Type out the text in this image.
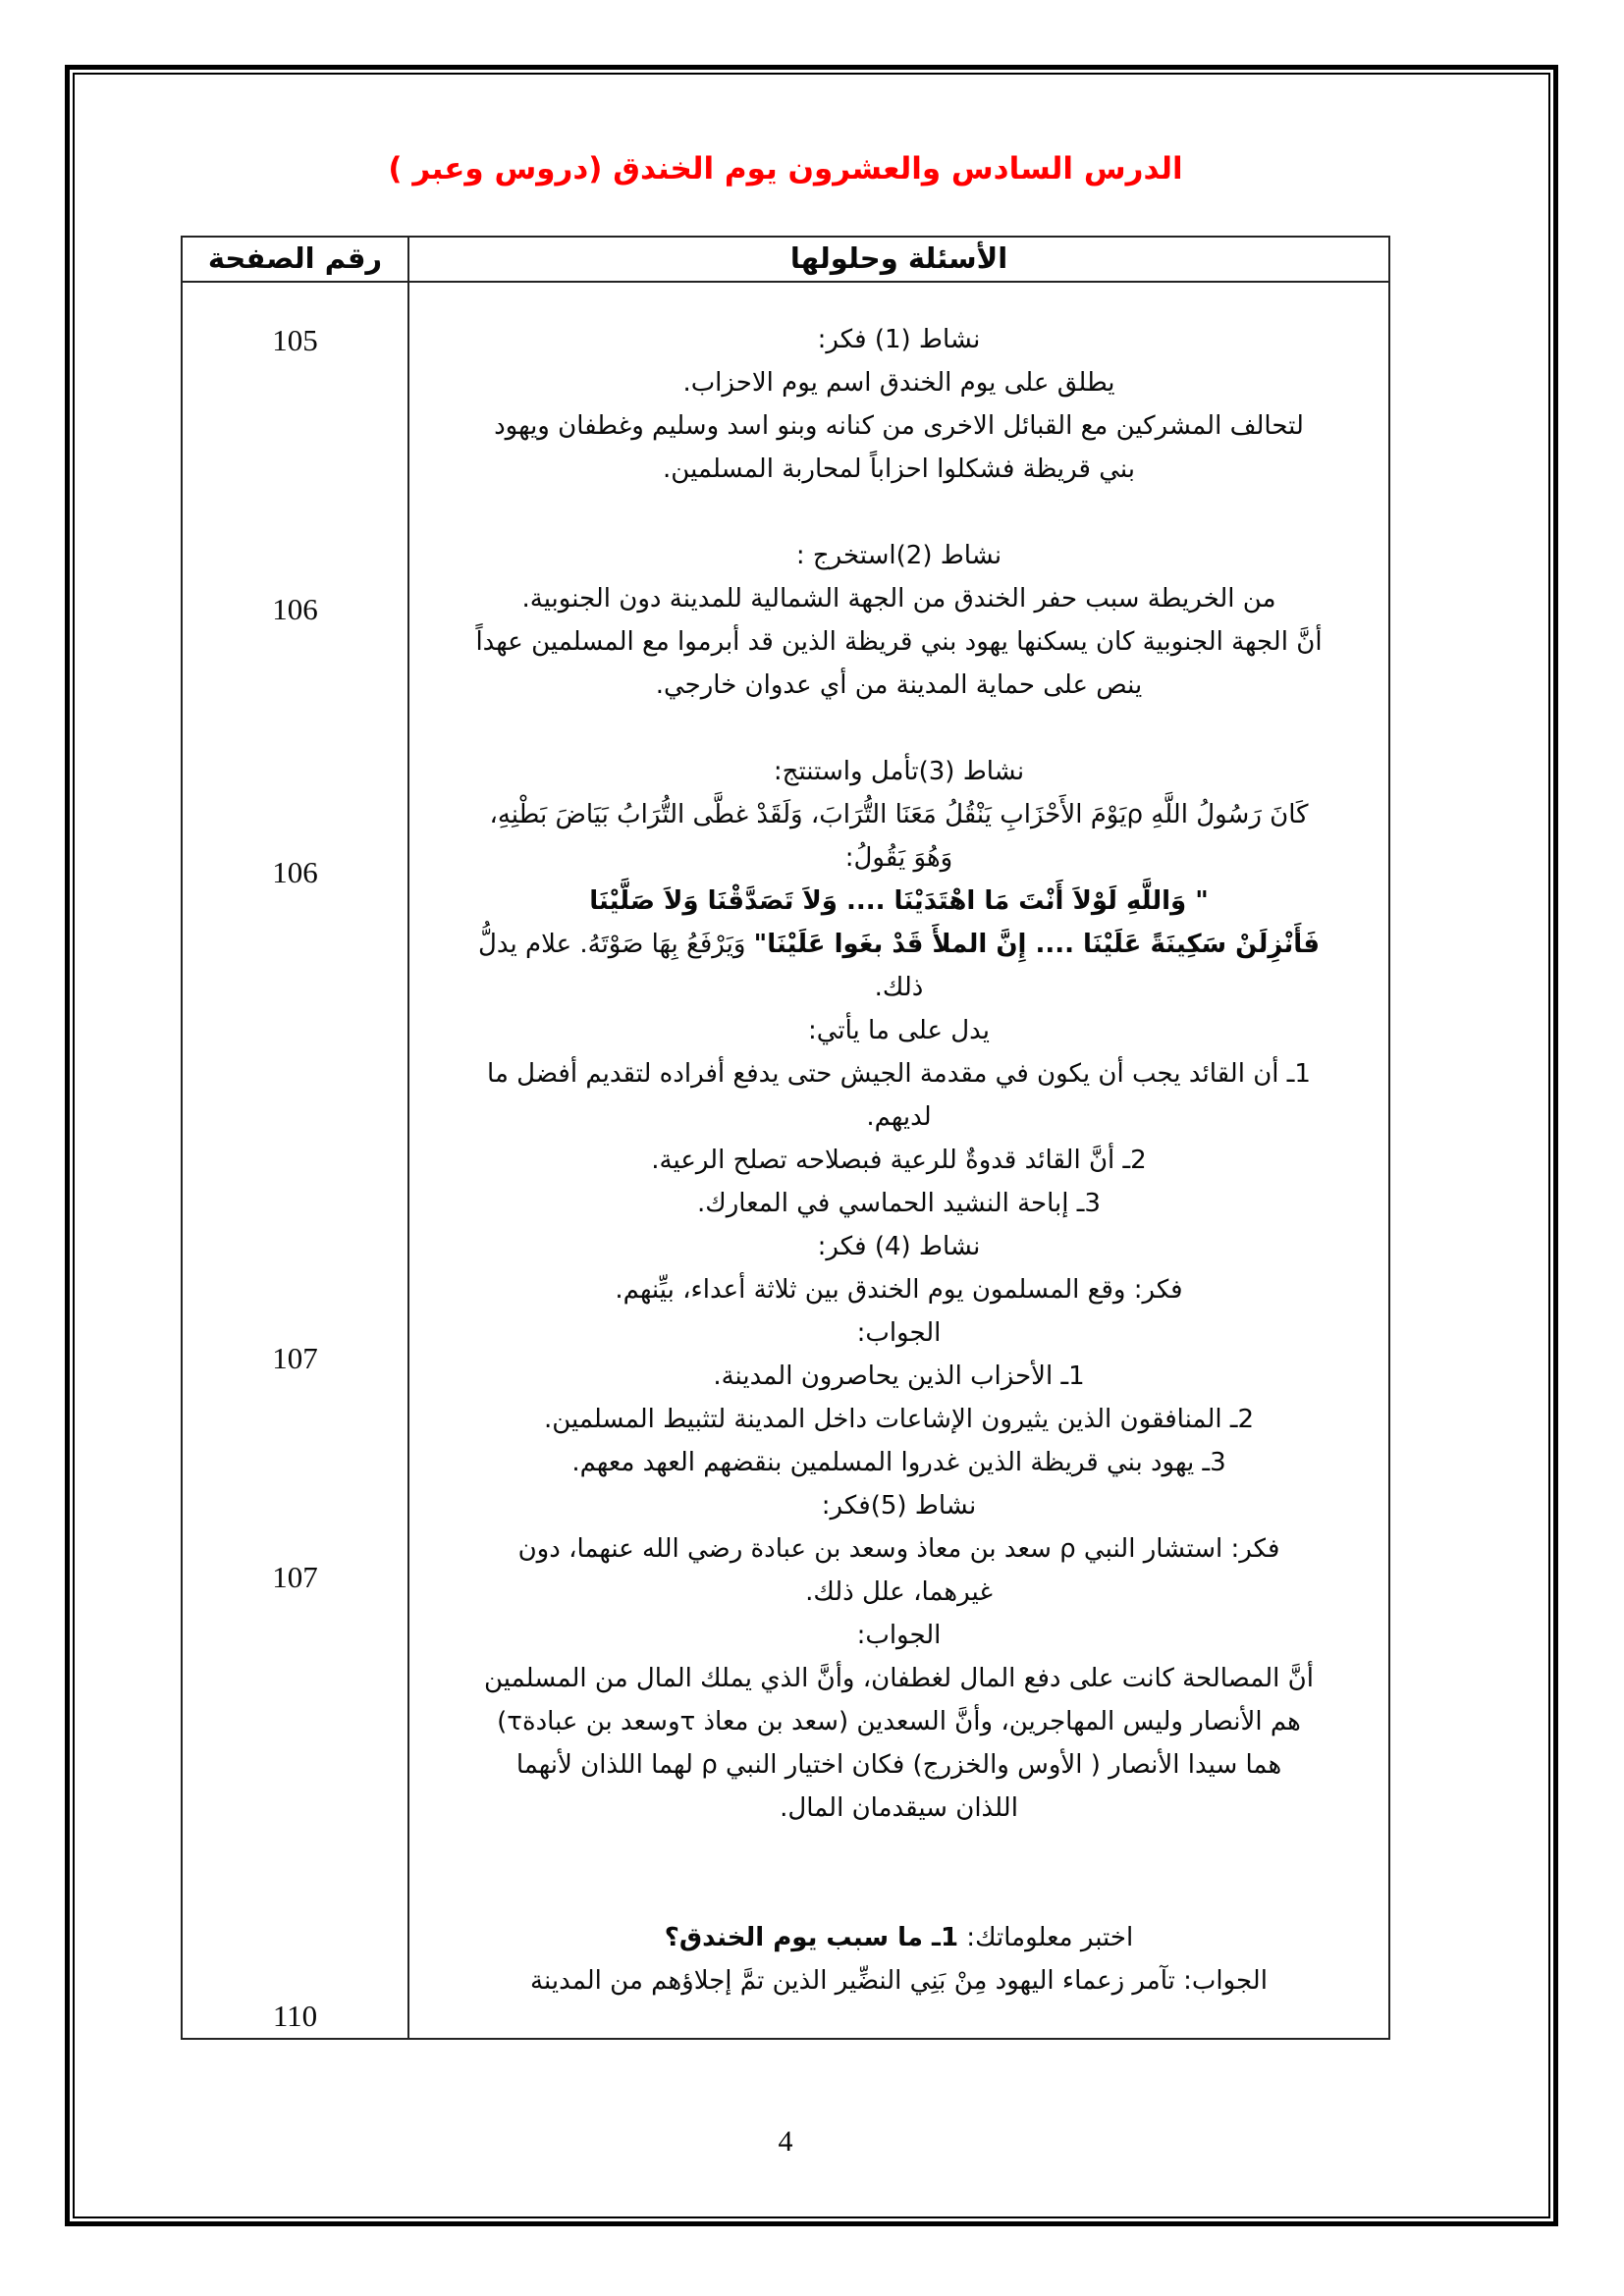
الدرس السادس والعشرون يوم الخندق (دروس وعبر )
الأسئلة وحلولها
رقم الصفحة
نشاط (1) فكر:
يطلق على يوم الخندق اسم يوم الاحزاب.
لتحالف المشركين مع القبائل الاخرى من كنانه وبنو اسد وسليم وغطفان ويهود
بني قريظة فشكلوا احزاباً لمحاربة المسلمين.
نشاط (2)استخرج :
من الخريطة سبب حفر الخندق من الجهة الشمالية للمدينة دون الجنوبية.
أنَّ الجهة الجنوبية كان يسكنها يهود بني قريظة الذين قد أبرموا مع المسلمين عهداً
ينص على حماية المدينة من أي عدوان خارجي.
نشاط (3)تأمل واستنتج:
كَانَ رَسُولُ اللَّهِ ρيَوْمَ الأَحْزَابِ يَنْقُلُ مَعَنَا التُّرَابَ، وَلَقَدْ غطَّى التُّرَابُ بَيَاضَ بَطْنِهِ،
وَهُوَ يَقُولُ:
" وَاللَّهِ لَوْلاَ أَنْتَ مَا اهْتَدَيْنَا .... وَلاَ تَصَدَّقْنَا وَلاَ صَلَّيْنَا
فَأَنْزِلَنْ سَكِينَةً عَلَيْنَا .... إِنَّ الملأَ قَدْ بغَوا عَلَيْنَا" وَيَرْفَعُ بِهَا صَوْتَهُ. علام يدلُّ
ذلك.
يدل على ما يأتي:
1ـ أن القائد يجب أن يكون في مقدمة الجيش حتى يدفع أفراده لتقديم أفضل ما
لديهم.
2ـ أنَّ القائد قدوةٌ للرعية فبصلاحه تصلح الرعية.
3ـ إباحة النشيد الحماسي في المعارك.
نشاط (4) فكر:
فكر: وقع المسلمون يوم الخندق بين ثلاثة أعداء، بيِّنهم.
الجواب:
1ـ الأحزاب الذين يحاصرون المدينة.
2ـ المنافقون الذين يثيرون الإشاعات داخل المدينة لتثبيط المسلمين.
3ـ يهود بني قريظة الذين غدروا المسلمين بنقضهم العهد معهم.
نشاط (5)فكر:
فكر: استشار النبي ρ سعد بن معاذ وسعد بن عبادة رضي الله عنهما، دون
غيرهما، علل ذلك.
الجواب:
أنَّ المصالحة كانت على دفع المال لغطفان، وأنَّ الذي يملك المال من المسلمين
هم الأنصار وليس المهاجرين، وأنَّ السعدين (سعد بن معاذ τوسعد بن عبادةτ)
هما سيدا الأنصار ( الأوس والخزرج) فكان اختيار النبي ρ لهما اللذان لأنهما
اللذان سيقدمان المال.
اختبر معلوماتك: 1ـ ما سبب يوم الخندق؟
الجواب: تآمر زعماء اليهود مِنْ بَنِي النضِّير الذين تمَّ إجلاؤهم من المدينة
105
106
106
107
107
110
4
